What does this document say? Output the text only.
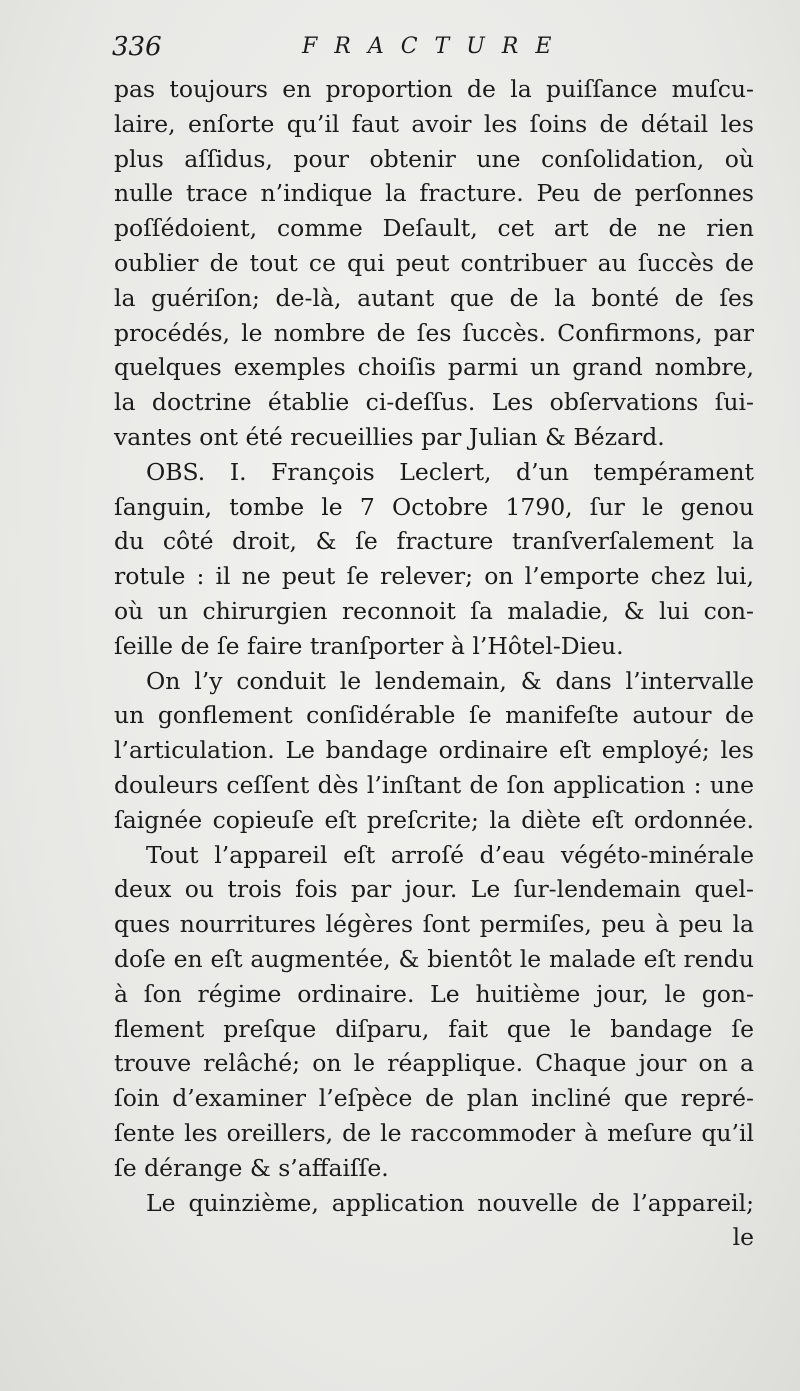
336	FRACTURE
pas toujours en proportion de la puiſſance muſcu-
laire, enſorte qu’il faut avoir les ſoins de détail les
plus aſſidus, pour obtenir une conſolidation, où
nulle trace n’indique la fracture. Peu de perſonnes
poſſédoient, comme Deſault, cet art de ne rien
oublier de tout ce qui peut contribuer au ſuccès de
la guériſon; de-là, autant que de la bonté de ſes
procédés, le nombre de ſes ſuccès. Confirmons, par
quelques exemples choiſis parmi un grand nombre,
la doctrine établie ci-deſſus. Les obſervations ſui-
vantes ont été recueillies par Julian & Bézard.
OBS. I. François Leclert, d’un tempérament
ſanguin, tombe le 7 Octobre 1790, ſur le genou
du côté droit, & ſe fracture tranſverſalement la
rotule : il ne peut ſe relever; on l’emporte chez lui,
où un chirurgien reconnoit ſa maladie, & lui con-
ſeille de ſe faire tranſporter à l’Hôtel-Dieu.
On l’y conduit le lendemain, & dans l’intervalle
un gonflement conſidérable ſe manifeſte autour de
l’articulation. Le bandage ordinaire eſt employé; les
douleurs ceſſent dès l’inſtant de ſon application : une
ſaignée copieuſe eſt preſcrite; la diète eſt ordonnée.
Tout l’appareil eſt arroſé d’eau végéto-minérale
deux ou trois fois par jour. Le ſur-lendemain quel-
ques nourritures légères ſont permiſes, peu à peu la
doſe en eſt augmentée, & bientôt le malade eſt rendu
à ſon régime ordinaire. Le huitième jour, le gon-
flement preſque diſparu, fait que le bandage ſe
trouve relâché; on le réapplique. Chaque jour on a
ſoin d’examiner l’eſpèce de plan incliné que repré-
ſente les oreillers, de le raccommoder à meſure qu’il
ſe dérange & s’affaiſſe.
Le quinzième, application nouvelle de l’appareil;
le
